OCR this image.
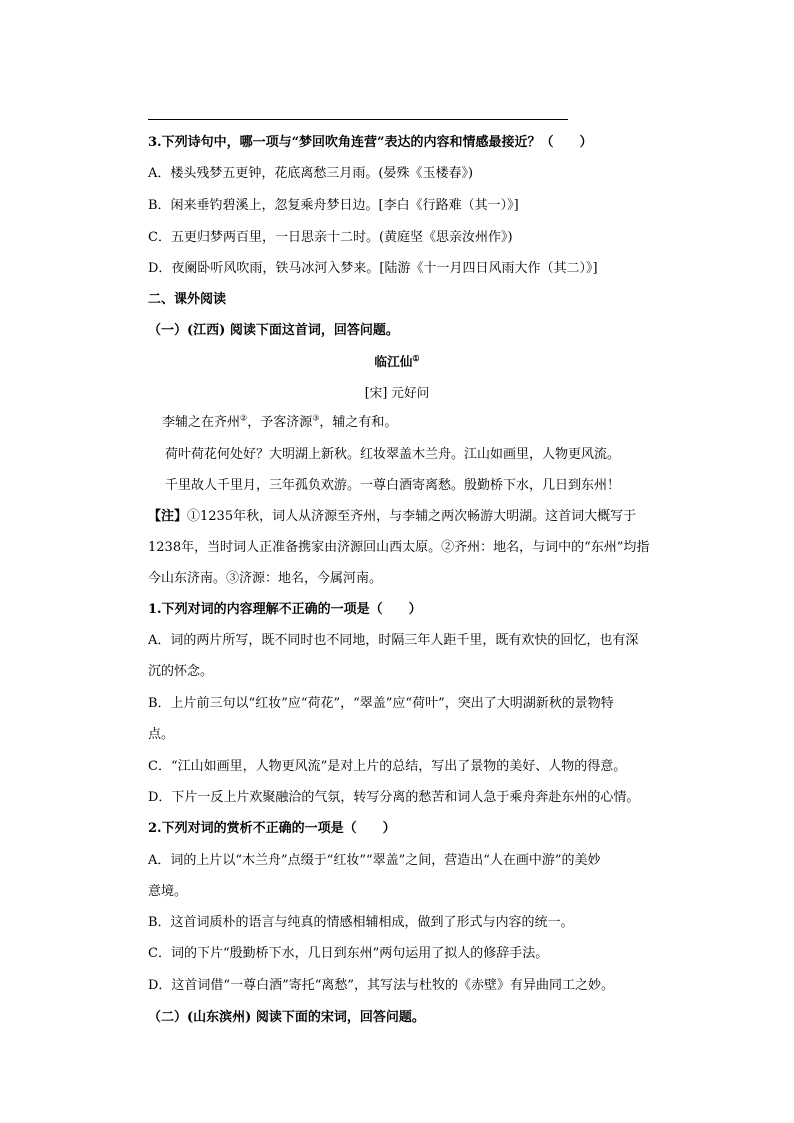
3.下列诗句中，哪一项与“梦回吹角连营”表达的内容和情感最接近？（　　）
A．楼头残梦五更钟，花底离愁三月雨。(晏殊《玉楼春》)
B．闲来垂钓碧溪上，忽复乘舟梦日边。[李白《行路难（其一）》]
C．五更归梦两百里，一日思亲十二时。(黄庭坚《思亲汝州作》)
D．夜阑卧听风吹雨，铁马冰河入梦来。[陆游《十一月四日风雨大作（其二）》]
二、课外阅读
（一）(江西) 阅读下面这首词，回答问题。
临江仙①
[宋] 元好问
李辅之在齐州②，予客济源③，辅之有和。
荷叶荷花何处好？大明湖上新秋。红妆翠盖木兰舟。江山如画里，人物更风流。
千里故人千里月，三年孤负欢游。一尊白酒寄离愁。殷勤桥下水，几日到东州！
【注】①1235年秋，词人从济源至齐州，与李辅之两次畅游大明湖。这首词大概写于
1238年，当时词人正准备携家由济源回山西太原。②齐州：地名，与词中的“东州”均指
今山东济南。③济源：地名，今属河南。
1.下列对词的内容理解不正确的一项是（　　）
A．词的两片所写，既不同时也不同地，时隔三年人距千里，既有欢快的回忆，也有深
沉的怀念。
B．上片前三句以“红妆”应“荷花”，“翠盖”应“荷叶”，突出了大明湖新秋的景物特
点。
C．“江山如画里，人物更风流”是对上片的总结，写出了景物的美好、人物的得意。
D．下片一反上片欢聚融洽的气氛，转写分离的愁苦和词人急于乘舟奔赴东州的心情。
2.下列对词的赏析不正确的一项是（　　）
A．词的上片以“木兰舟”点缀于“红妆”“翠盖”之间，营造出“人在画中游”的美妙
意境。
B．这首词质朴的语言与纯真的情感相辅相成，做到了形式与内容的统一。
C．词的下片“殷勤桥下水，几日到东州”两句运用了拟人的修辞手法。
D．这首词借“一尊白酒”寄托“离愁”，其写法与杜牧的《赤壁》有异曲同工之妙。
（二）(山东滨州) 阅读下面的宋词，回答问题。
